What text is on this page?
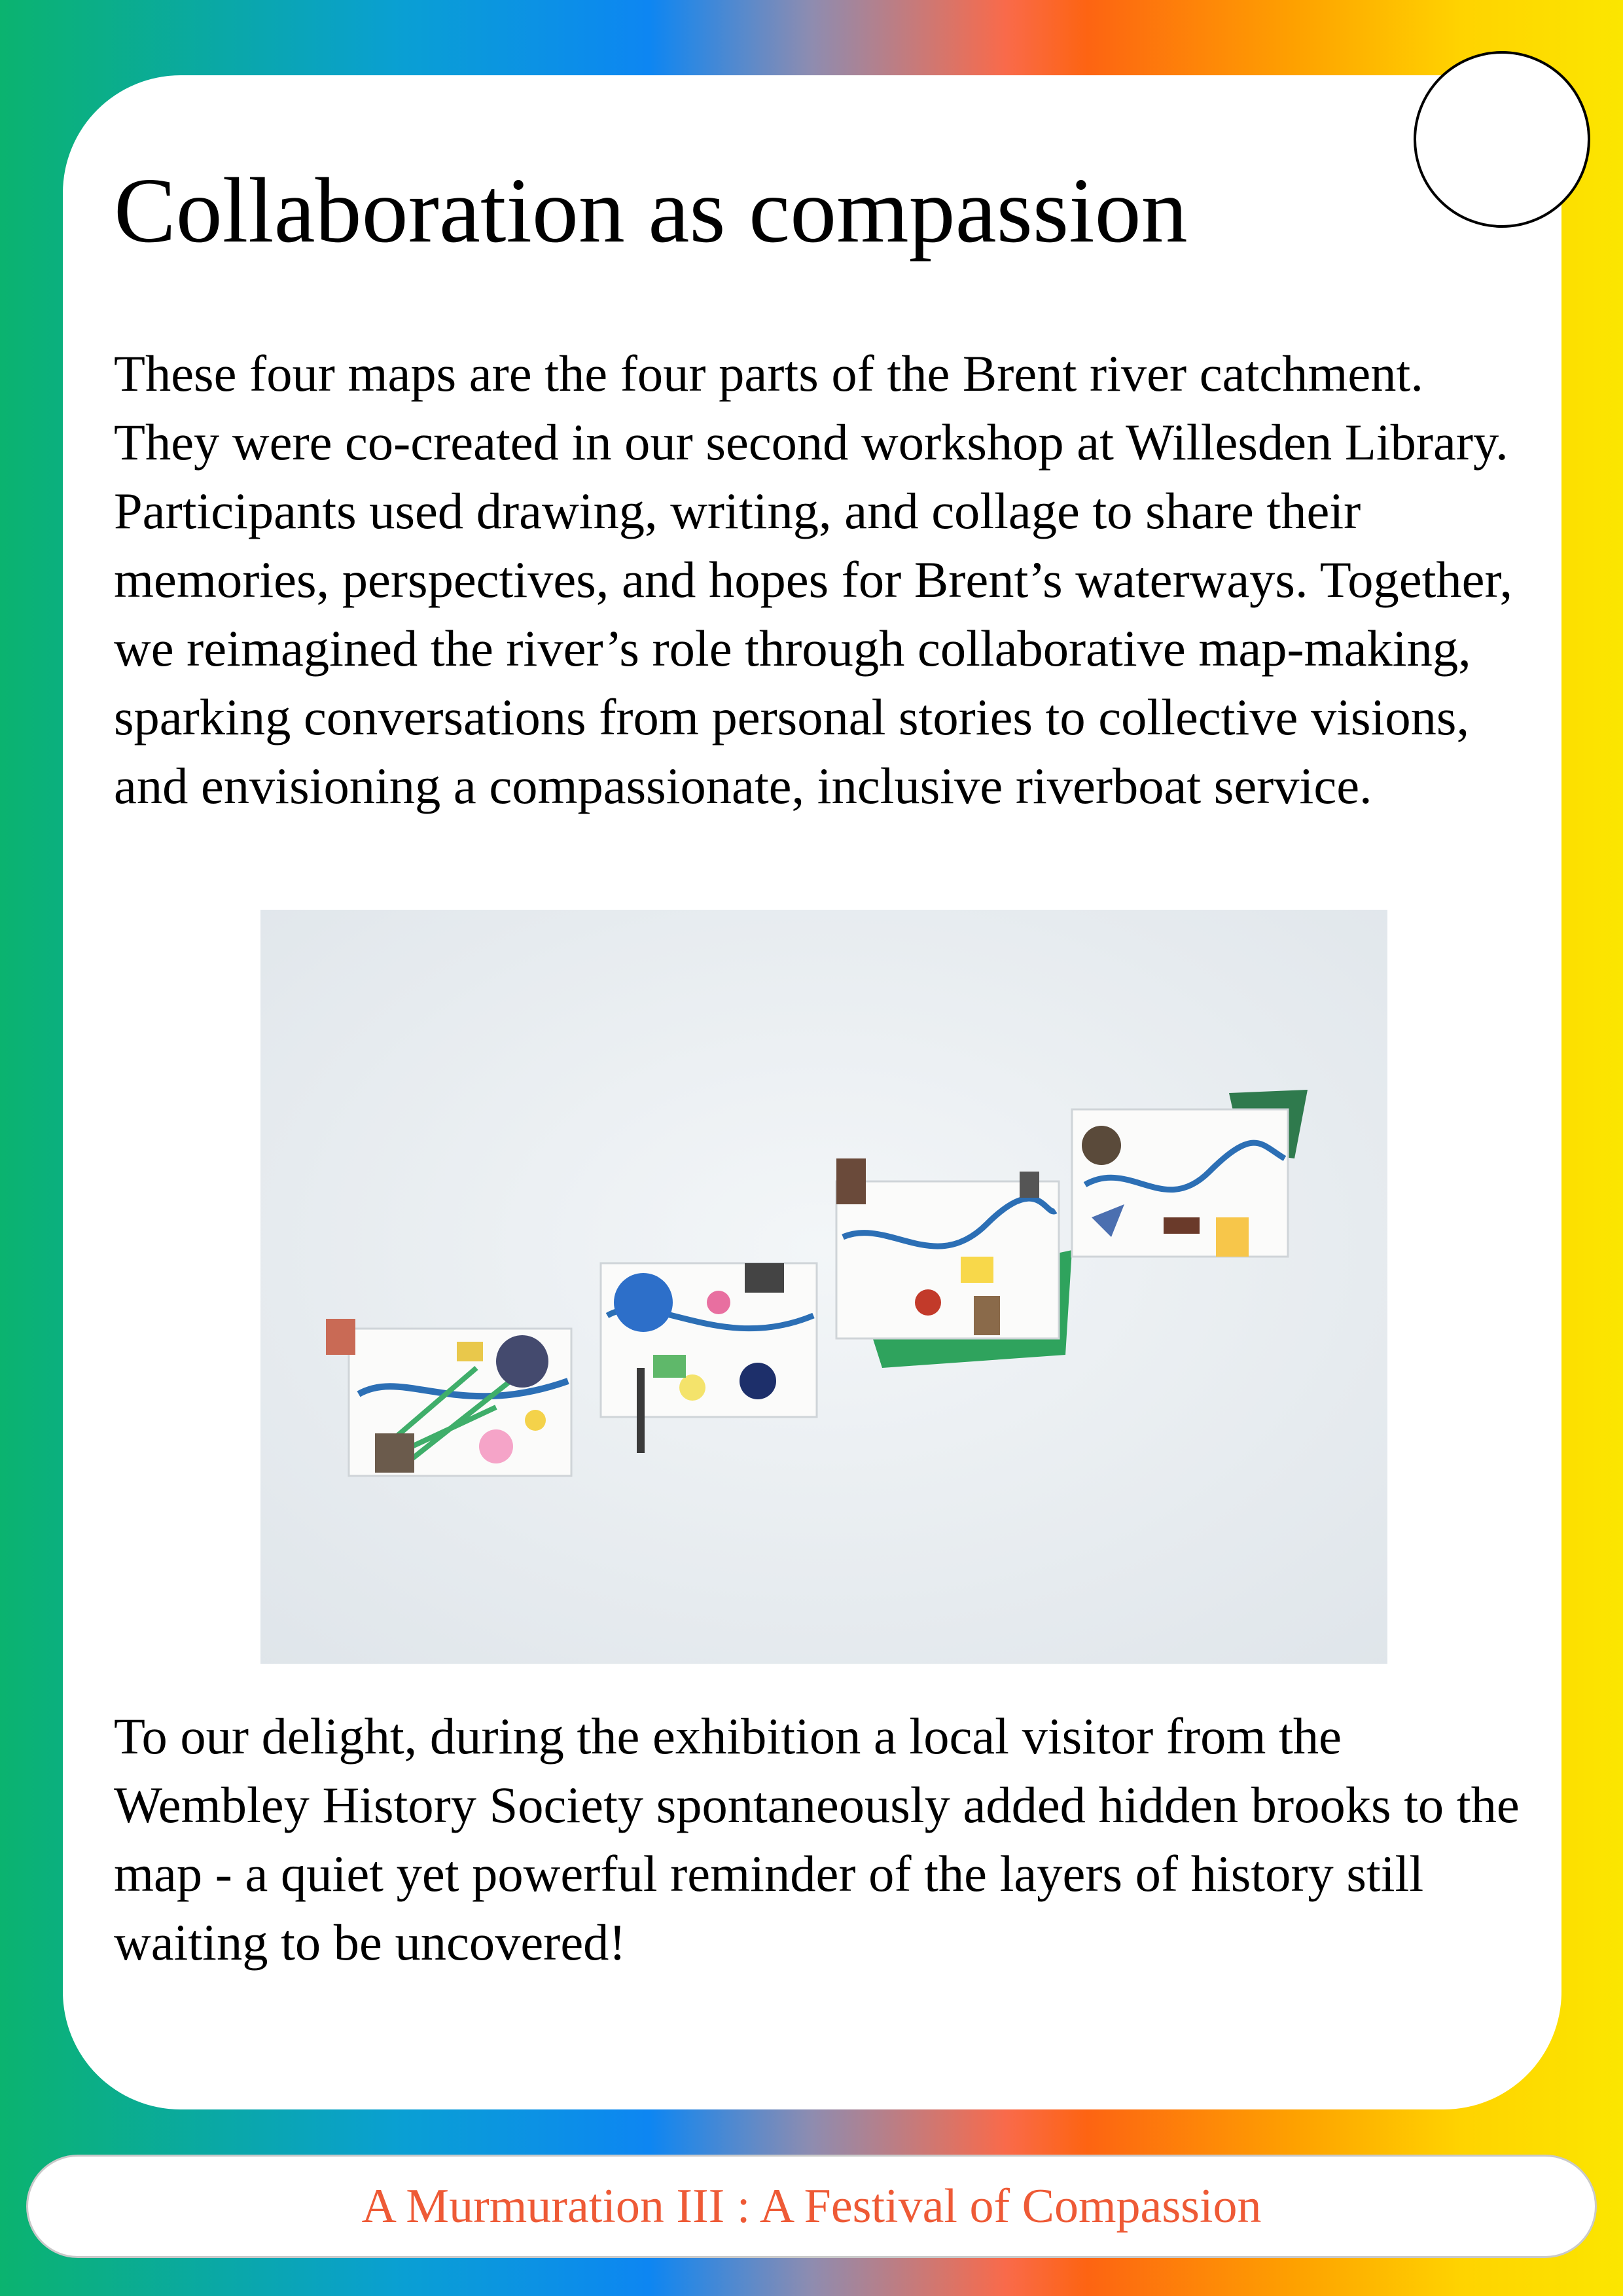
Collaboration as compassion

These four maps are the four parts of the Brent river catchment. They were co-created in our second workshop at Willesden Library. Participants used drawing, writing, and collage to share their memories, perspectives, and hopes for Brent’s waterways. Together, we reimagined the river’s role through collaborative map-making, sparking conversations from personal stories to collective visions, and envisioning a compassionate, inclusive riverboat service.

To our delight, during the exhibition a local visitor from the Wembley History Society spontaneously added hidden brooks to the map - a quiet yet powerful reminder of the layers of history still waiting to be uncovered!

A Murmuration III : A Festival of Compassion
